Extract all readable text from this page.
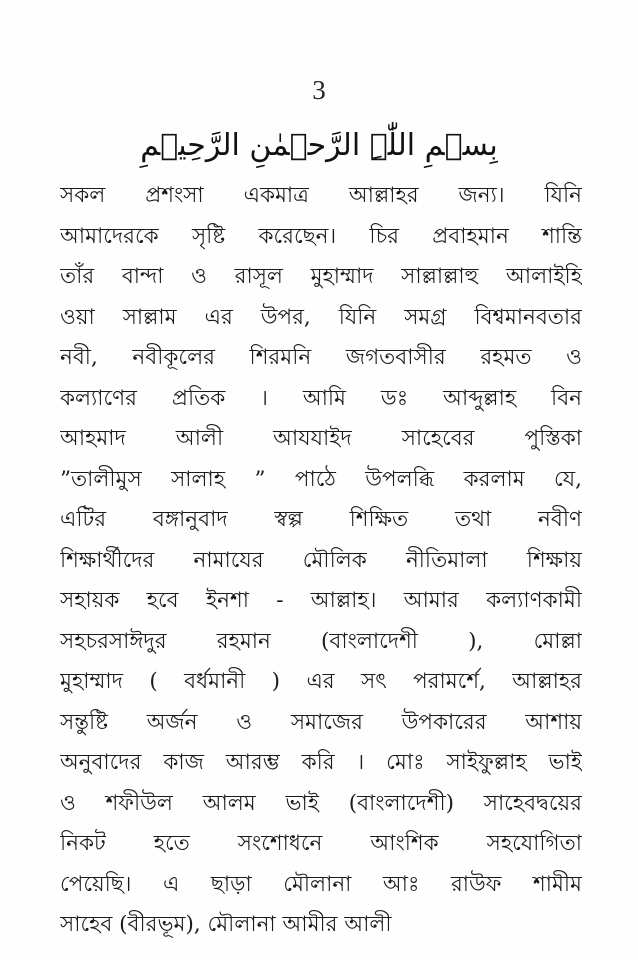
3
بِسۡمِ اللّٰہِ الرَّحۡمٰنِ الرَّحِیۡمِ
সকল প্রশংসা একমাত্র আল্লাহর জন্য। যিনি
আমাদেরকে সৃষ্টি করেছেন। চির প্রবাহমান শান্তি
তাঁর বান্দা ও রাসূল মুহাম্মাদ সাল্লাল্লাহু আলাইহি
ওয়া সাল্লাম এর উপর, যিনি সমগ্র বিশ্বমানবতার
নবী, নবীকূলের শিরমনি জগতবাসীর রহমত ও
কল্যাণের প্রতিক । আমি ডঃ আব্দুল্লাহ বিন
আহমাদ আলী আযযাইদ সাহেবের পুস্তিকা
”তালীমুস সালাহ ” পাঠে উপলব্ধি করলাম যে,
এটির বঙ্গানুবাদ স্বল্প শিক্ষিত তথা নবীণ
শিক্ষার্থীদের নামাযের মৌলিক নীতিমালা শিক্ষায়
সহায়ক হবে ইনশা - আল্লাহ। আমার কল্যাণকামী
সহচরসাঈদুর রহমান (বাংলাদেশী ), মোল্লা
মুহাম্মাদ ( বর্ধমানী ) এর সৎ পরামর্শে, আল্লাহর
সন্তুষ্টি অর্জন ও সমাজের উপকারের আশায়
অনুবাদের কাজ আরম্ভ করি । মোঃ সাইফুল্লাহ ভাই
ও শফীউল আলম ভাই (বাংলাদেশী) সাহেবদ্বয়ের
নিকট হতে সংশোধনে আংশিক সহযোগিতা
পেয়েছি। এ ছাড়া মৌলানা আঃ রাউফ শামীম
সাহেব (বীরভূম), মৌলানা আমীর আলী
